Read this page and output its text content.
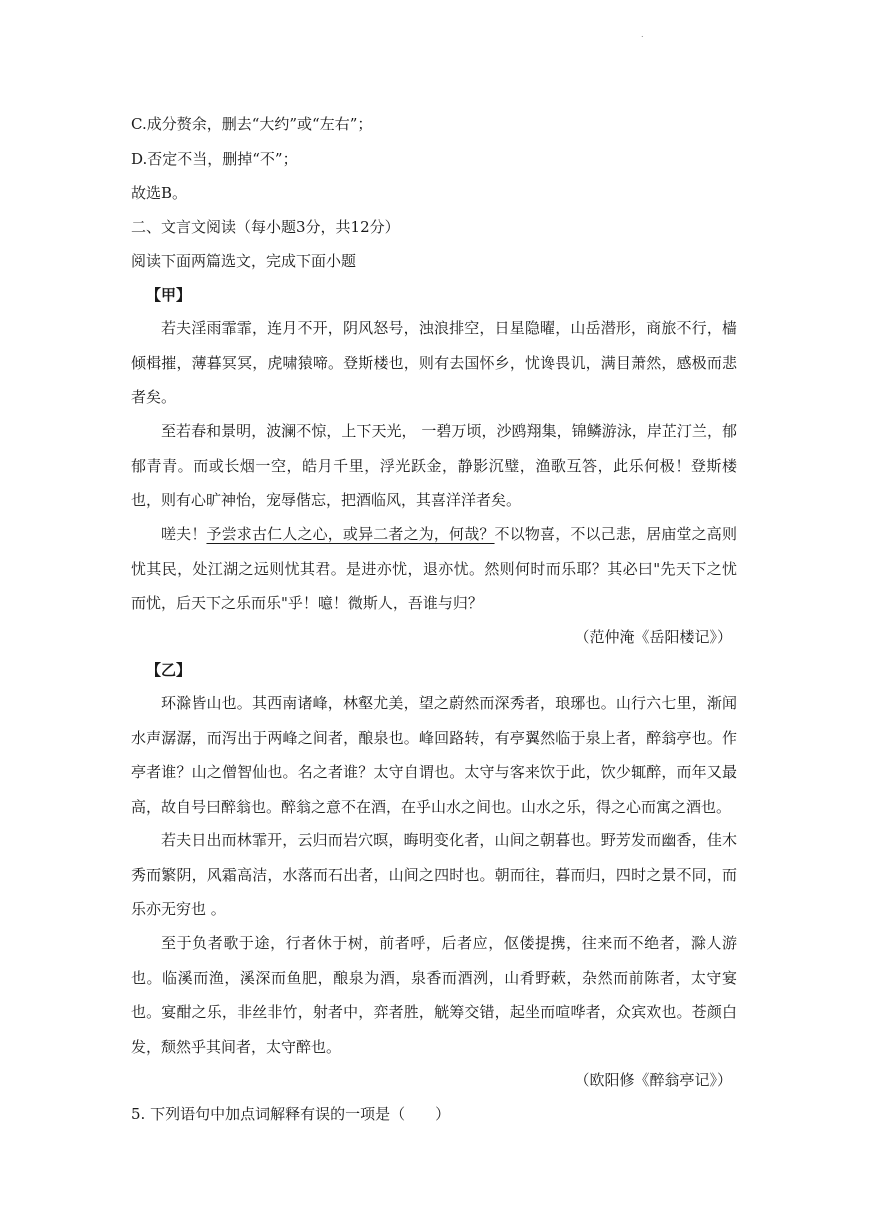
.
C.成分赘余，删去“大约”或“左右”；
D.否定不当，删掉“不”；
故选B。
二、文言文阅读（每小题3分，共12分）
阅读下面两篇选文，完成下面小题
【甲】
若夫淫雨霏霏，连月不开，阴风怒号，浊浪排空，日星隐曜，山岳潜形，商旅不行，樯倾楫摧，薄暮冥冥，虎啸猿啼。登斯楼也，则有去国怀乡，忧谗畏讥，满目萧然，感极而悲者矣。
至若春和景明，波澜不惊，上下天光， 一碧万顷，沙鸥翔集，锦鳞游泳，岸芷汀兰，郁郁青青。而或长烟一空，皓月千里，浮光跃金，静影沉璧，渔歌互答，此乐何极！登斯楼也，则有心旷神怡，宠辱偕忘，把酒临风，其喜洋洋者矣。
嗟夫！予尝求古仁人之心，或异二者之为，何哉？不以物喜，不以己悲，居庙堂之高则忧其民，处江湖之远则忧其君。是进亦忧，退亦忧。然则何时而乐耶？其必曰"先天下之忧而忧，后天下之乐而乐"乎！噫！微斯人，吾谁与归？
（范仲淹《岳阳楼记》）
【乙】
环滁皆山也。其西南诸峰，林壑尤美，望之蔚然而深秀者，琅琊也。山行六七里，渐闻水声潺潺，而泻出于两峰之间者，酿泉也。峰回路转，有亭翼然临于泉上者，醉翁亭也。作亭者谁？山之僧智仙也。名之者谁？太守自谓也。太守与客来饮于此，饮少辄醉，而年又最高，故自号曰醉翁也。醉翁之意不在酒，在乎山水之间也。山水之乐，得之心而寓之酒也。
若夫日出而林霏开，云归而岩穴暝，晦明变化者，山间之朝暮也。野芳发而幽香，佳木秀而繁阴，风霜高洁，水落而石出者，山间之四时也。朝而往，暮而归，四时之景不同，而乐亦无穷也 。
至于负者歌于途，行者休于树，前者呼，后者应，伛偻提携，往来而不绝者，滁人游也。临溪而渔，溪深而鱼肥，酿泉为酒，泉香而酒洌，山肴野蔌，杂然而前陈者，太守宴也。宴酣之乐，非丝非竹，射者中，弈者胜，觥筹交错，起坐而喧哗者，众宾欢也。苍颜白发，颓然乎其间者，太守醉也。
（欧阳修《醉翁亭记》）
5. 下列语句中加点词解释有误的一项是（　　）
